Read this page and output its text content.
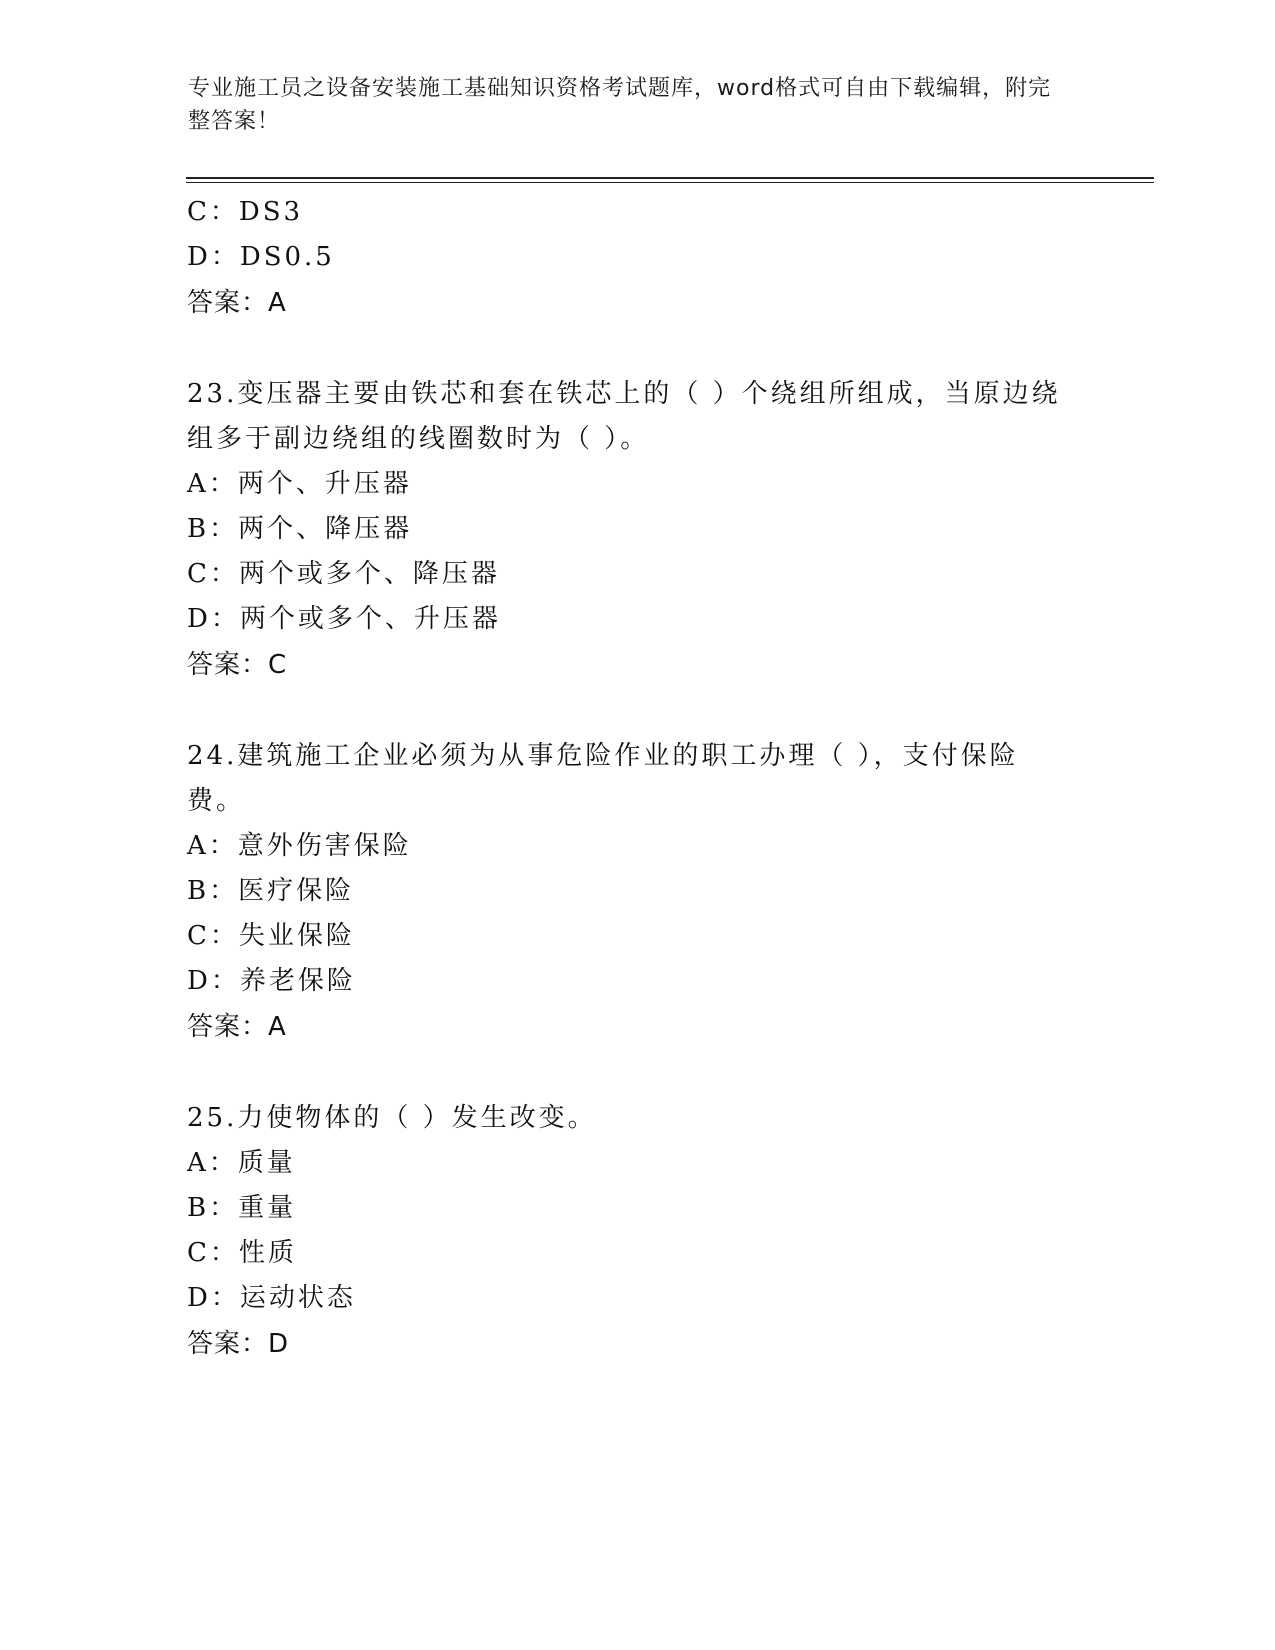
专业施工员之设备安装施工基础知识资格考试题库，word格式可自由下载编辑，附完整答案！
C：DS3
D：DS0.5
答案：A
23.变压器主要由铁芯和套在铁芯上的（ ）个绕组所组成，当原边绕组多于副边绕组的线圈数时为（ ）。
A：两个、升压器
B：两个、降压器
C：两个或多个、降压器
D：两个或多个、升压器
答案：C
24.建筑施工企业必须为从事危险作业的职工办理（ ），支付保险费。
A：意外伤害保险
B：医疗保险
C：失业保险
D：养老保险
答案：A
25.力使物体的（ ）发生改变。
A：质量
B：重量
C：性质
D：运动状态
答案：D
